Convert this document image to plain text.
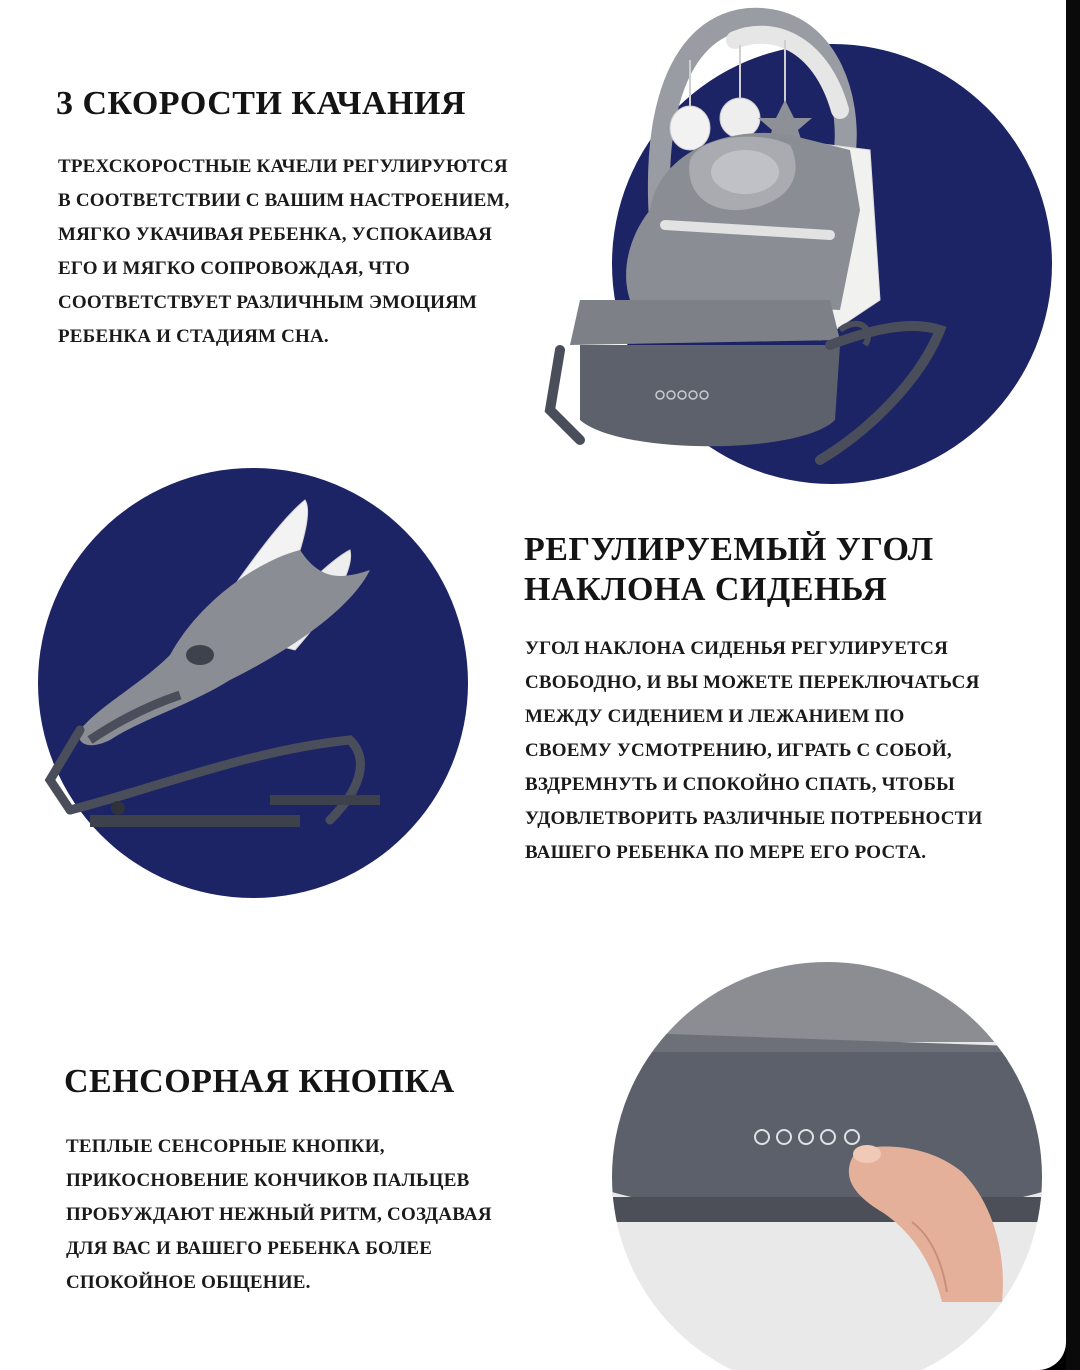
3 СКОРОСТИ КАЧАНИЯ

ТРЕХСКОРОСТНЫЕ КАЧЕЛИ РЕГУЛИРУЮТСЯ
В СООТВЕТСТВИИ С ВАШИМ НАСТРОЕНИЕМ,
МЯГКО УКАЧИВАЯ РЕБЕНКА, УСПОКАИВАЯ
ЕГО И МЯГКО СОПРОВОЖДАЯ, ЧТО
СООТВЕТСТВУЕТ РАЗЛИЧНЫМ ЭМОЦИЯМ
РЕБЕНКА И СТАДИЯМ СНА.

РЕГУЛИРУЕМЫЙ УГОЛ
НАКЛОНА СИДЕНЬЯ

УГОЛ НАКЛОНА СИДЕНЬЯ РЕГУЛИРУЕТСЯ
СВОБОДНО, И ВЫ МОЖЕТЕ ПЕРЕКЛЮЧАТЬСЯ
МЕЖДУ СИДЕНИЕМ И ЛЕЖАНИЕМ ПО
СВОЕМУ УСМОТРЕНИЮ, ИГРАТЬ С СОБОЙ,
ВЗДРЕМНУТЬ И СПОКОЙНО СПАТЬ, ЧТОБЫ
УДОВЛЕТВОРИТЬ РАЗЛИЧНЫЕ ПОТРЕБНОСТИ
ВАШЕГО РЕБЕНКА ПО МЕРЕ ЕГО РОСТА.

СЕНСОРНАЯ КНОПКА

ТЕПЛЫЕ СЕНСОРНЫЕ КНОПКИ,
ПРИКОСНОВЕНИЕ КОНЧИКОВ ПАЛЬЦЕВ
ПРОБУЖДАЮТ НЕЖНЫЙ РИТМ, СОЗДАВАЯ
ДЛЯ ВАС И ВАШЕГО РЕБЕНКА БОЛЕЕ
СПОКОЙНОЕ ОБЩЕНИЕ.
